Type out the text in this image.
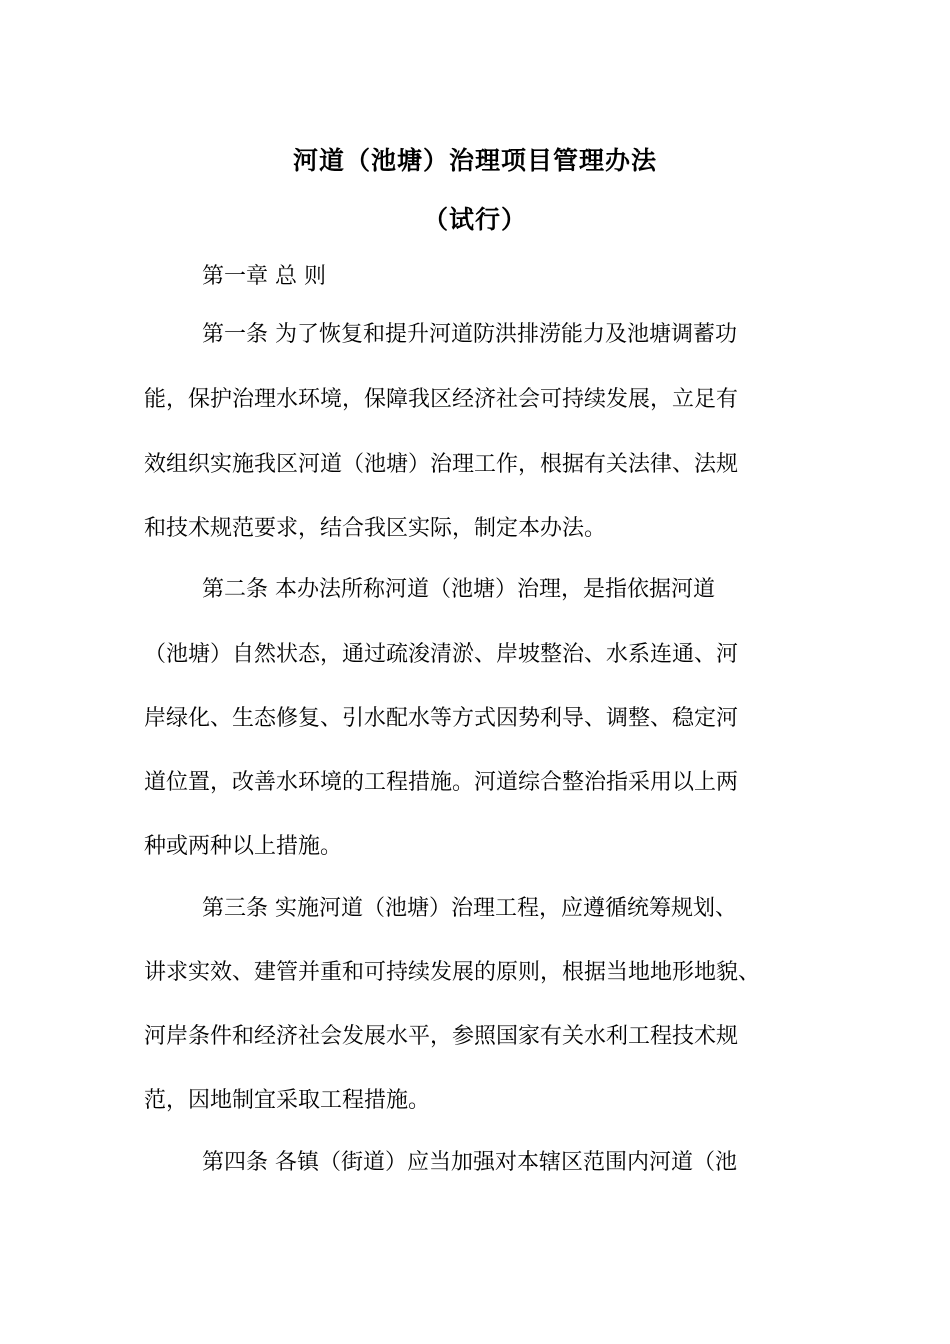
河道（池塘）治理项目管理办法
（试行）
第一章 总 则
第一条 为了恢复和提升河道防洪排涝能力及池塘调蓄功
能，保护治理水环境，保障我区经济社会可持续发展，立足有
效组织实施我区河道（池塘）治理工作，根据有关法律、法规
和技术规范要求，结合我区实际，制定本办法。
第二条 本办法所称河道（池塘）治理，是指依据河道
（池塘）自然状态，通过疏浚清淤、岸坡整治、水系连通、河
岸绿化、生态修复、引水配水等方式因势利导、调整、稳定河
道位置，改善水环境的工程措施。河道综合整治指采用以上两
种或两种以上措施。
第三条 实施河道（池塘）治理工程，应遵循统筹规划、
讲求实效、建管并重和可持续发展的原则，根据当地地形地貌、
河岸条件和经济社会发展水平，参照国家有关水利工程技术规
范，因地制宜采取工程措施。
第四条 各镇（街道）应当加强对本辖区范围内河道（池
